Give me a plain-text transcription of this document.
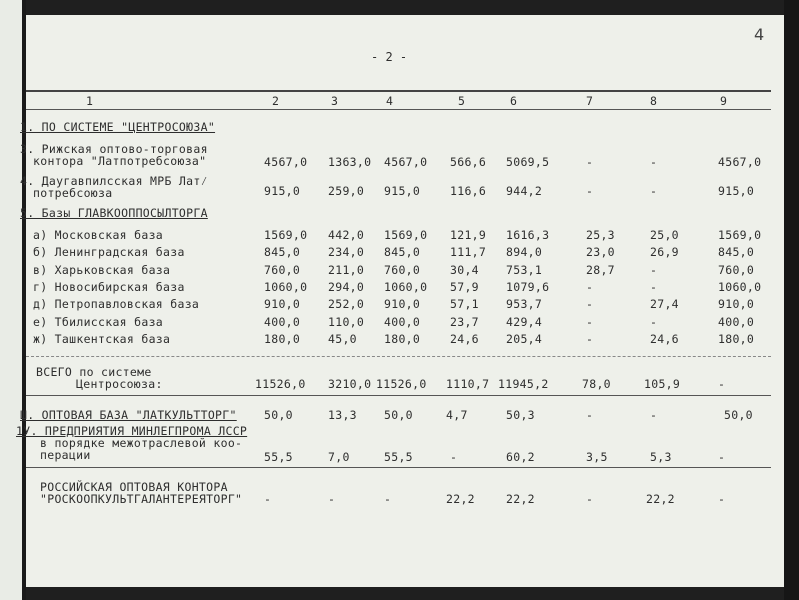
- 2 -
4
1	2	3	4	5	6	7	8	9
1. ПО СИСТЕМЕ "ЦЕНТРОСОЮЗА"
3. Рижская оптово-торговая
контора "Латпотребсоюза"	4567,0 1363,0 4567,0 566,6 5069,5	-	-	4567,0
4. Даугавпилсская МРБ Лат⁄
потребсоюза	915,0 259,0 915,0	116,6 944,2	-	-	915,0
5. Базы ГЛАВКООППОСЫЛТОРГА
а) Московская база	1569,0 442,0 1569,0 121,9 1616,3	25,3	25,0	1569,0
б) Ленинградская база	845,0 234,0 845,0	111,7 894,0	23,0	26,9	845,0
в) Харьковская база	760,0 211,0 760,0	30,4 753,1	28,7	-	760,0
г) Новосибирская база	1060,0 294,0 1060,0 57,9 1079,6	-	-	1060,0
д) Петропавловская база	910,0 252,0 910,0	57,1 953,7	-	27,4	910,0
е) Тбилисская база	400,0 110,0 400,0	23,7 429,4	-	-	400,0
ж) Ташкентская база	180,0 45,0 180,0	24,6 205,4	-	24,6	180,0
ВСЕГО по системе
Центросоюза:	11526,0 3210,0 11526,0 1110,7 11945,2	78,0	105,9	-
Ш. ОПТОВАЯ БАЗА "ЛАТКУЛЬТТОРГ" 50,0	13,3 50,0	4,7	50,3	-	-	50,0
1У. ПРЕДПРИЯТИЯ МИНЛЕГПРОМА ЛССР
в порядке межотраслевой коо-
перации	55,5	7,0	55,5	-	60,2	3,5	5,3	-
РОССИЙСКАЯ ОПТОВАЯ КОНТОРА
"РОСКООПКУЛЬТГАЛАНТЕРЕЯТОРГ" -	-	-	22,2	22,2	-	22,2	-
